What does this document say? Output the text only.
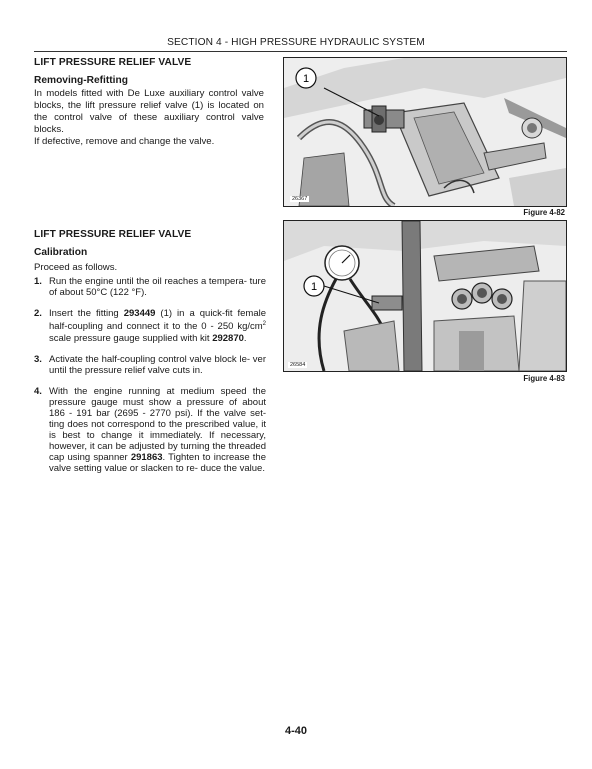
SECTION 4 - HIGH PRESSURE HYDRAULIC SYSTEM
LIFT PRESSURE RELIEF VALVE
Removing-Refitting

In models fitted with De Luxe auxiliary control valve blocks, the lift pressure relief valve (1) is located on the control valve of these auxiliary control valve blocks.

If defective, remove and change the valve.

1
26367
Figure 4-82
LIFT PRESSURE RELIEF VALVE
Calibration

Proceed as follows.

1. Run the engine until the oil reaches a tempera- ture of about 50°C (122 °F).
2. Insert the fitting 293449 (1) in a quick-fit female half-coupling and connect it to the 0 - 250 $kg/cm^2$ scale pressure gauge supplied with kit 292870.
3. Activate the half-coupling control valve block le- ver until the pressure relief valve cuts in.
4. With the engine running at medium speed the pressure gauge must show a pressure of about 186 - 191 bar (2695 - 2770 psi). If the valve set- ting does not correspond to the prescribed value, it is best to change it immediately. If necessary, however, it can be adjusted by turning the threaded cap using spanner 291863. Tighten to increase the valve setting value or slacken to re- duce the value.
1
26584
Figure 4-83
4-40
